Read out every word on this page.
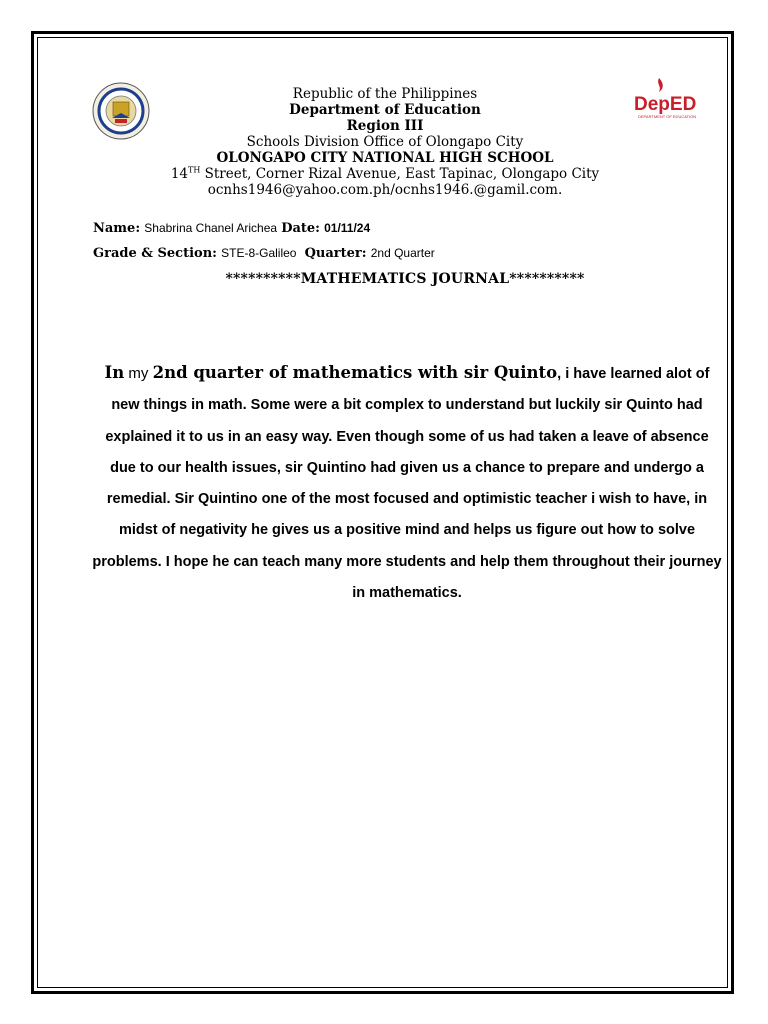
DepED
DEPARTMENT OF EDUCATION
Republic of the Philippines
Department of Education
Region III
Schools Division Office of Olongapo City
OLONGAPO CITY NATIONAL HIGH SCHOOL
14TH Street, Corner Rizal Avenue, East Tapinac, Olongapo City
ocnhs1946@yahoo.com.ph/ocnhs1946.@gamil.com.
Name: Shabrina Chanel Arichea Date: 01/11/24
Grade & Section: STE-8-Galileo Quarter: 2nd Quarter
**********MATHEMATICS JOURNAL**********
In my 2nd quarter of mathematics with sir Quinto, i have learned alot of new things in math. Some were a bit complex to understand but luckily sir Quinto had explained it to us in an easy way. Even though some of us had taken a leave of absence due to our health issues, sir Quintino had given us a chance to prepare and undergo a remedial. Sir Quintino one of the most focused and optimistic teacher i wish to have, in midst of negativity he gives us a positive mind and helps us figure out how to solve problems. I hope he can teach many more students and help them throughout their journey in mathematics.
